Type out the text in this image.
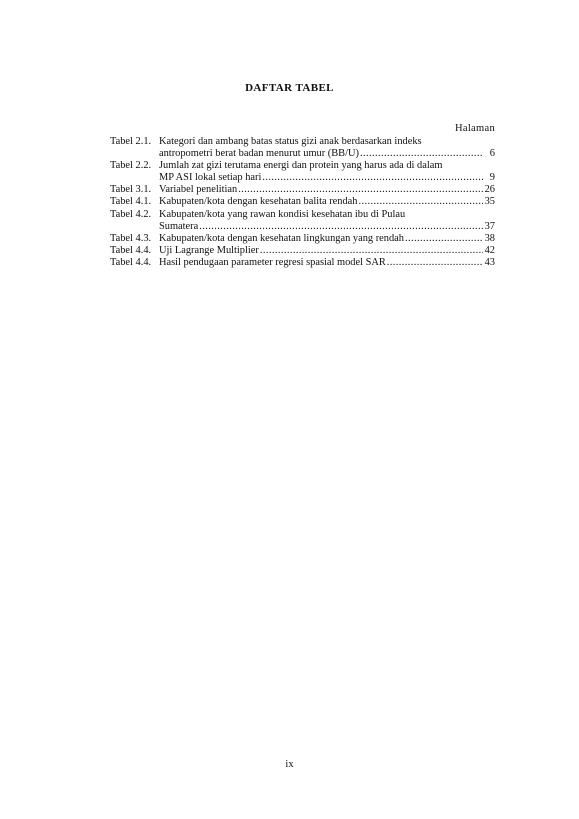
DAFTAR TABEL
Halaman
Tabel 2.1. Kategori dan ambang batas status gizi anak berdasarkan indeks
antropometri berat badan menurut umur (BB/U) .....	6
Tabel 2.2. Jumlah zat gizi terutama energi dan protein yang harus ada di dalam
MP ASI lokal setiap hari .....	9
Tabel 3.1. Variabel penelitian .....	26
Tabel 4.1. Kabupaten/kota dengan kesehatan balita rendah .....	35
Tabel 4.2. Kabupaten/kota yang rawan kondisi kesehatan ibu di Pulau
Sumatera .....	37
Tabel 4.3. Kabupaten/kota dengan kesehatan lingkungan yang rendah .....	38
Tabel 4.4. Uji Lagrange Multiplier .....	42
Tabel 4.4. Hasil pendugaan parameter regresi spasial model SAR .....	43
ix
